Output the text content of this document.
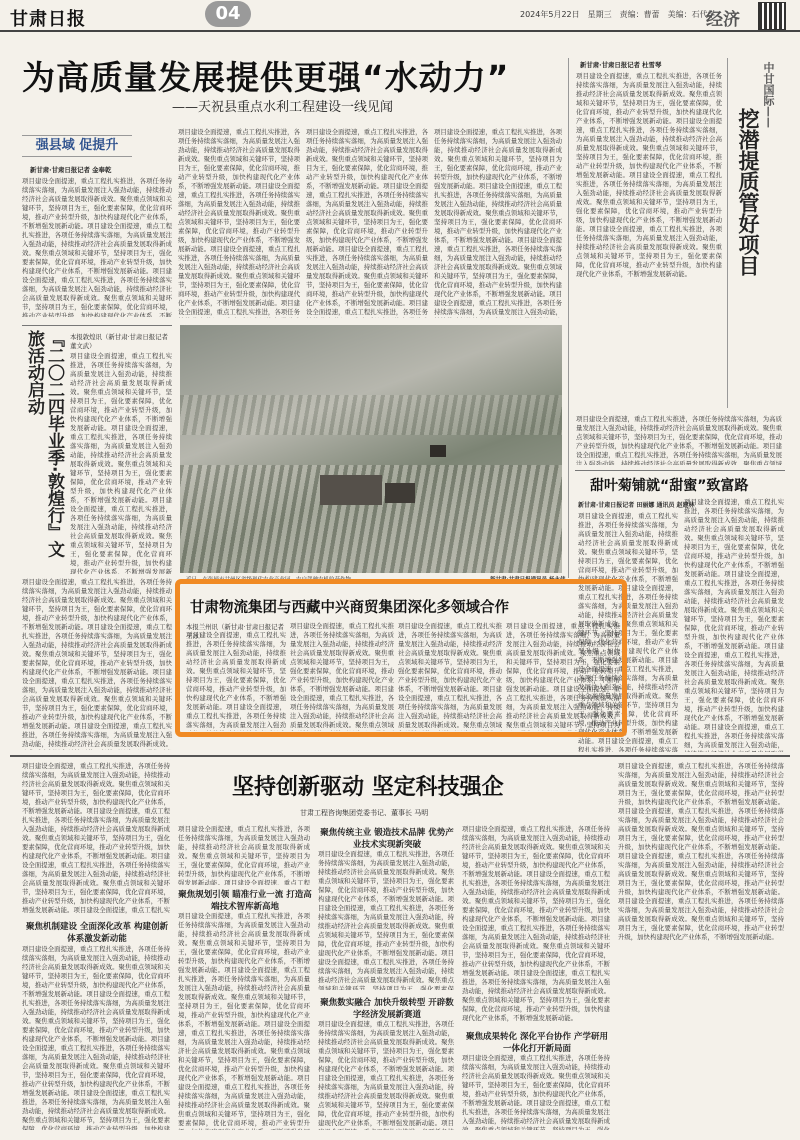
甘肃日报	04	2024年5月22日　星期三　责编：曹蕾　美编：石代学
经济
为高质量发展提供更强“水动力”
——天祝县重点水利工程建设一线见闻
强县域 促提升
新甘肃·甘肃日报记者 金奉乾
项目建设全面提速，重点工程扎实推进，各项任务持续落实落细，为高质量发展注入强劲动能，持续推动经济社会高质量发展取得新成效。聚焦重点领域和关键环节，坚持项目为王，强化要素保障，优化营商环境，推动产业转型升级，加快构建现代化产业体系，不断增强发展新动能。项目建设全面提速，重点工程扎实推进，各项任务持续落实落细，为高质量发展注入强劲动能，持续推动经济社会高质量发展取得新成效。聚焦重点领域和关键环节，坚持项目为王，强化要素保障，优化营商环境，推动产业转型升级，加快构建现代化产业体系，不断增强发展新动能。项目建设全面提速，重点工程扎实推进，各项任务持续落实落细，为高质量发展注入强劲动能，持续推动经济社会高质量发展取得新成效。聚焦重点领域和关键环节，坚持项目为王，强化要素保障，优化营商环境，推动产业转型升级，加快构建现代化产业体系，不断增强发展新动能。项目建设全面提速，重点工程扎实推进，各项任务持续落实落细，为高质量发展注入强劲动能，持续推动经济社会高质量发展取得新成效。聚焦重点领域和关键环节，坚持项目为王，强化要素保障，优化营商环境，推动产业转型升级，加快构建现代化产业体系，不断增强发展新动能。
项目建设全面提速，重点工程扎实推进，各项任务持续落实落细，为高质量发展注入强劲动能，持续推动经济社会高质量发展取得新成效。聚焦重点领域和关键环节，坚持项目为王，强化要素保障，优化营商环境，推动产业转型升级，加快构建现代化产业体系，不断增强发展新动能。项目建设全面提速，重点工程扎实推进，各项任务持续落实落细，为高质量发展注入强劲动能，持续推动经济社会高质量发展取得新成效。聚焦重点领域和关键环节，坚持项目为王，强化要素保障，优化营商环境，推动产业转型升级，加快构建现代化产业体系，不断增强发展新动能。项目建设全面提速，重点工程扎实推进，各项任务持续落实落细，为高质量发展注入强劲动能，持续推动经济社会高质量发展取得新成效。聚焦重点领域和关键环节，坚持项目为王，强化要素保障，优化营商环境，推动产业转型升级，加快构建现代化产业体系，不断增强发展新动能。项目建设全面提速，重点工程扎实推进，各项任务持续落实落细，为高质量发展注入强劲动能，持续推动经济社会高质量发展取得新成效。聚焦重点领域和关键环节，坚持项目为王，强化要素保障，优化营商环境，推动产业转型升级，加快构建现代化产业体系，不断增强发展新动能。
项目建设全面提速，重点工程扎实推进，各项任务持续落实落细，为高质量发展注入强劲动能，持续推动经济社会高质量发展取得新成效。聚焦重点领域和关键环节，坚持项目为王，强化要素保障，优化营商环境，推动产业转型升级，加快构建现代化产业体系，不断增强发展新动能。项目建设全面提速，重点工程扎实推进，各项任务持续落实落细，为高质量发展注入强劲动能，持续推动经济社会高质量发展取得新成效。聚焦重点领域和关键环节，坚持项目为王，强化要素保障，优化营商环境，推动产业转型升级，加快构建现代化产业体系，不断增强发展新动能。项目建设全面提速，重点工程扎实推进，各项任务持续落实落细，为高质量发展注入强劲动能，持续推动经济社会高质量发展取得新成效。聚焦重点领域和关键环节，坚持项目为王，强化要素保障，优化营商环境，推动产业转型升级，加快构建现代化产业体系，不断增强发展新动能。项目建设全面提速，重点工程扎实推进，各项任务持续落实落细，为高质量发展注入强劲动能，持续推动经济社会高质量发展取得新成效。聚焦重点领域和关键环节，坚持项目为王，强化要素保障，优化营商环境，推动产业转型升级，加快构建现代化产业体系，不断增强发展新动能。
项目建设全面提速，重点工程扎实推进，各项任务持续落实落细，为高质量发展注入强劲动能，持续推动经济社会高质量发展取得新成效。聚焦重点领域和关键环节，坚持项目为王，强化要素保障，优化营商环境，推动产业转型升级，加快构建现代化产业体系，不断增强发展新动能。项目建设全面提速，重点工程扎实推进，各项任务持续落实落细，为高质量发展注入强劲动能，持续推动经济社会高质量发展取得新成效。聚焦重点领域和关键环节，坚持项目为王，强化要素保障，优化营商环境，推动产业转型升级，加快构建现代化产业体系，不断增强发展新动能。项目建设全面提速，重点工程扎实推进，各项任务持续落实落细，为高质量发展注入强劲动能，持续推动经济社会高质量发展取得新成效。聚焦重点领域和关键环节，坚持项目为王，强化要素保障，优化营商环境，推动产业转型升级，加快构建现代化产业体系，不断增强发展新动能。项目建设全面提速，重点工程扎实推进，各项任务持续落实落细，为高质量发展注入强劲动能，持续推动经济社会高质量发展取得新成效。聚焦重点领域和关键环节，坚持项目为王，强化要素保障，优化营商环境，推动产业转型升级，加快构建现代化产业体系，不断增强发展新动能。
新甘肃·甘肃日报记者 杜雪琴
项目建设全面提速，重点工程扎实推进，各项任务持续落实落细，为高质量发展注入强劲动能，持续推动经济社会高质量发展取得新成效。聚焦重点领域和关键环节，坚持项目为王，强化要素保障，优化营商环境，推动产业转型升级，加快构建现代化产业体系，不断增强发展新动能。项目建设全面提速，重点工程扎实推进，各项任务持续落实落细，为高质量发展注入强劲动能，持续推动经济社会高质量发展取得新成效。聚焦重点领域和关键环节，坚持项目为王，强化要素保障，优化营商环境，推动产业转型升级，加快构建现代化产业体系，不断增强发展新动能。项目建设全面提速，重点工程扎实推进，各项任务持续落实落细，为高质量发展注入强劲动能，持续推动经济社会高质量发展取得新成效。聚焦重点领域和关键环节，坚持项目为王，强化要素保障，优化营商环境，推动产业转型升级，加快构建现代化产业体系，不断增强发展新动能。项目建设全面提速，重点工程扎实推进，各项任务持续落实落细，为高质量发展注入强劲动能，持续推动经济社会高质量发展取得新成效。聚焦重点领域和关键环节，坚持项目为王，强化要素保障，优化营商环境，推动产业转型升级，加快构建现代化产业体系，不断增强发展新动能。	中甘国际——
挖潜提质管好项目
『二〇二四毕业季·敦煌行』文旅活动启动	本报敦煌讯（新甘肃·甘肃日报记者 董文武）
项目建设全面提速，重点工程扎实推进，各项任务持续落实落细，为高质量发展注入强劲动能，持续推动经济社会高质量发展取得新成效。聚焦重点领域和关键环节，坚持项目为王，强化要素保障，优化营商环境，推动产业转型升级，加快构建现代化产业体系，不断增强发展新动能。项目建设全面提速，重点工程扎实推进，各项任务持续落实落细，为高质量发展注入强劲动能，持续推动经济社会高质量发展取得新成效。聚焦重点领域和关键环节，坚持项目为王，强化要素保障，优化营商环境，推动产业转型升级，加快构建现代化产业体系，不断增强发展新动能。项目建设全面提速，重点工程扎实推进，各项任务持续落实落细，为高质量发展注入强劲动能，持续推动经济社会高质量发展取得新成效。聚焦重点领域和关键环节，坚持项目为王，强化要素保障，优化营商环境，推动产业转型升级，加快构建现代化产业体系，不断增强发展新动能。项目建设全面提速，重点工程扎实推进，各项任务持续落实落细，为高质量发展注入强劲动能，持续推动经济社会高质量发展取得新成效。聚焦重点领域和关键环节，坚持项目为王，强化要素保障，优化营商环境，推动产业转型升级，加快构建现代化产业体系，不断增强发展新动能。
近日，在张掖市甘州区省级现代农业产业园，农户驾驶农机收获作物。	新甘肃·甘肃日报通讯员 杨永伟
项目建设全面提速，重点工程扎实推进，各项任务持续落实落细，为高质量发展注入强劲动能，持续推动经济社会高质量发展取得新成效。聚焦重点领域和关键环节，坚持项目为王，强化要素保障，优化营商环境，推动产业转型升级，加快构建现代化产业体系，不断增强发展新动能。项目建设全面提速，重点工程扎实推进，各项任务持续落实落细，为高质量发展注入强劲动能，持续推动经济社会高质量发展取得新成效。聚焦重点领域和关键环节，坚持项目为王，强化要素保障，优化营商环境，推动产业转型升级，加快构建现代化产业体系，不断增强发展新动能。项目建设全面提速，重点工程扎实推进，各项任务持续落实落细，为高质量发展注入强劲动能，持续推动经济社会高质量发展取得新成效。聚焦重点领域和关键环节，坚持项目为王，强化要素保障，优化营商环境，推动产业转型升级，加快构建现代化产业体系，不断增强发展新动能。项目建设全面提速，重点工程扎实推进，各项任务持续落实落细，为高质量发展注入强劲动能，持续推动经济社会高质量发展取得新成效。聚焦重点领域和关键环节，坚持项目为王，强化要素保障，优化营商环境，推动产业转型升级，加快构建现代化产业体系，不断增强发展新动能。
甜叶菊铺就“甜蜜”致富路
新甘肃·甘肃日报记者 田丽娜 通讯员 赵建林
项目建设全面提速，重点工程扎实推进，各项任务持续落实落细，为高质量发展注入强劲动能，持续推动经济社会高质量发展取得新成效。聚焦重点领域和关键环节，坚持项目为王，强化要素保障，优化营商环境，推动产业转型升级，加快构建现代化产业体系，不断增强发展新动能。项目建设全面提速，重点工程扎实推进，各项任务持续落实落细，为高质量发展注入强劲动能，持续推动经济社会高质量发展取得新成效。聚焦重点领域和关键环节，坚持项目为王，强化要素保障，优化营商环境，推动产业转型升级，加快构建现代化产业体系，不断增强发展新动能。项目建设全面提速，重点工程扎实推进，各项任务持续落实落细，为高质量发展注入强劲动能，持续推动经济社会高质量发展取得新成效。聚焦重点领域和关键环节，坚持项目为王，强化要素保障，优化营商环境，推动产业转型升级，加快构建现代化产业体系，不断增强发展新动能。项目建设全面提速，重点工程扎实推进，各项任务持续落实落细，为高质量发展注入强劲动能，持续推动经济社会高质量发展取得新成效。聚焦重点领域和关键环节，坚持项目为王，强化要素保障，优化营商环境，推动产业转型升级，加快构建现代化产业体系，不断增强发展新动能。
项目建设全面提速，重点工程扎实推进，各项任务持续落实落细，为高质量发展注入强劲动能，持续推动经济社会高质量发展取得新成效。聚焦重点领域和关键环节，坚持项目为王，强化要素保障，优化营商环境，推动产业转型升级，加快构建现代化产业体系，不断增强发展新动能。项目建设全面提速，重点工程扎实推进，各项任务持续落实落细，为高质量发展注入强劲动能，持续推动经济社会高质量发展取得新成效。聚焦重点领域和关键环节，坚持项目为王，强化要素保障，优化营商环境，推动产业转型升级，加快构建现代化产业体系，不断增强发展新动能。项目建设全面提速，重点工程扎实推进，各项任务持续落实落细，为高质量发展注入强劲动能，持续推动经济社会高质量发展取得新成效。聚焦重点领域和关键环节，坚持项目为王，强化要素保障，优化营商环境，推动产业转型升级，加快构建现代化产业体系，不断增强发展新动能。项目建设全面提速，重点工程扎实推进，各项任务持续落实落细，为高质量发展注入强劲动能，持续推动经济社会高质量发展取得新成效。聚焦重点领域和关键环节，坚持项目为王，强化要素保障，优化营商环境，推动产业转型升级，加快构建现代化产业体系，不断增强发展新动能。
甘肃物流集团与西藏中兴商贸集团深化多领域合作
本报兰州讯（新甘肃·甘肃日报记者 王冰）
项目建设全面提速，重点工程扎实推进，各项任务持续落实落细，为高质量发展注入强劲动能，持续推动经济社会高质量发展取得新成效。聚焦重点领域和关键环节，坚持项目为王，强化要素保障，优化营商环境，推动产业转型升级，加快构建现代化产业体系，不断增强发展新动能。项目建设全面提速，重点工程扎实推进，各项任务持续落实落细，为高质量发展注入强劲动能，持续推动经济社会高质量发展取得新成效。聚焦重点领域和关键环节，坚持项目为王，强化要素保障，优化营商环境，推动产业转型升级，加快构建现代化产业体系，不断增强发展新动能。项目建设全面提速，重点工程扎实推进，各项任务持续落实落细，为高质量发展注入强劲动能，持续推动经济社会高质量发展取得新成效。聚焦重点领域和关键环节，坚持项目为王，强化要素保障，优化营商环境，推动产业转型升级，加快构建现代化产业体系，不断增强发展新动能。项目建设全面提速，重点工程扎实推进，各项任务持续落实落细，为高质量发展注入强劲动能，持续推动经济社会高质量发展取得新成效。聚焦重点领域和关键环节，坚持项目为王，强化要素保障，优化营商环境，推动产业转型升级，加快构建现代化产业体系，不断增强发展新动能。
项目建设全面提速，重点工程扎实推进，各项任务持续落实落细，为高质量发展注入强劲动能，持续推动经济社会高质量发展取得新成效。聚焦重点领域和关键环节，坚持项目为王，强化要素保障，优化营商环境，推动产业转型升级，加快构建现代化产业体系，不断增强发展新动能。项目建设全面提速，重点工程扎实推进，各项任务持续落实落细，为高质量发展注入强劲动能，持续推动经济社会高质量发展取得新成效。聚焦重点领域和关键环节，坚持项目为王，强化要素保障，优化营商环境，推动产业转型升级，加快构建现代化产业体系，不断增强发展新动能。项目建设全面提速，重点工程扎实推进，各项任务持续落实落细，为高质量发展注入强劲动能，持续推动经济社会高质量发展取得新成效。聚焦重点领域和关键环节，坚持项目为王，强化要素保障，优化营商环境，推动产业转型升级，加快构建现代化产业体系，不断增强发展新动能。项目建设全面提速，重点工程扎实推进，各项任务持续落实落细，为高质量发展注入强劲动能，持续推动经济社会高质量发展取得新成效。聚焦重点领域和关键环节，坚持项目为王，强化要素保障，优化营商环境，推动产业转型升级，加快构建现代化产业体系，不断增强发展新动能。
项目建设全面提速，重点工程扎实推进，各项任务持续落实落细，为高质量发展注入强劲动能，持续推动经济社会高质量发展取得新成效。聚焦重点领域和关键环节，坚持项目为王，强化要素保障，优化营商环境，推动产业转型升级，加快构建现代化产业体系，不断增强发展新动能。项目建设全面提速，重点工程扎实推进，各项任务持续落实落细，为高质量发展注入强劲动能，持续推动经济社会高质量发展取得新成效。聚焦重点领域和关键环节，坚持项目为王，强化要素保障，优化营商环境，推动产业转型升级，加快构建现代化产业体系，不断增强发展新动能。项目建设全面提速，重点工程扎实推进，各项任务持续落实落细，为高质量发展注入强劲动能，持续推动经济社会高质量发展取得新成效。聚焦重点领域和关键环节，坚持项目为王，强化要素保障，优化营商环境，推动产业转型升级，加快构建现代化产业体系，不断增强发展新动能。项目建设全面提速，重点工程扎实推进，各项任务持续落实落细，为高质量发展注入强劲动能，持续推动经济社会高质量发展取得新成效。聚焦重点领域和关键环节，坚持项目为王，强化要素保障，优化营商环境，推动产业转型升级，加快构建现代化产业体系，不断增强发展新动能。
项目建设全面提速，重点工程扎实推进，各项任务持续落实落细，为高质量发展注入强劲动能，持续推动经济社会高质量发展取得新成效。聚焦重点领域和关键环节，坚持项目为王，强化要素保障，优化营商环境，推动产业转型升级，加快构建现代化产业体系，不断增强发展新动能。项目建设全面提速，重点工程扎实推进，各项任务持续落实落细，为高质量发展注入强劲动能，持续推动经济社会高质量发展取得新成效。聚焦重点领域和关键环节，坚持项目为王，强化要素保障，优化营商环境，推动产业转型升级，加快构建现代化产业体系，不断增强发展新动能。项目建设全面提速，重点工程扎实推进，各项任务持续落实落细，为高质量发展注入强劲动能，持续推动经济社会高质量发展取得新成效。聚焦重点领域和关键环节，坚持项目为王，强化要素保障，优化营商环境，推动产业转型升级，加快构建现代化产业体系，不断增强发展新动能。项目建设全面提速，重点工程扎实推进，各项任务持续落实落细，为高质量发展注入强劲动能，持续推动经济社会高质量发展取得新成效。聚焦重点领域和关键环节，坚持项目为王，强化要素保障，优化营商环境，推动产业转型升级，加快构建现代化产业体系，不断增强发展新动能。
项目建设全面提速，重点工程扎实推进，各项任务持续落实落细，为高质量发展注入强劲动能，持续推动经济社会高质量发展取得新成效。聚焦重点领域和关键环节，坚持项目为王，强化要素保障，优化营商环境，推动产业转型升级，加快构建现代化产业体系，不断增强发展新动能。项目建设全面提速，重点工程扎实推进，各项任务持续落实落细，为高质量发展注入强劲动能，持续推动经济社会高质量发展取得新成效。聚焦重点领域和关键环节，坚持项目为王，强化要素保障，优化营商环境，推动产业转型升级，加快构建现代化产业体系，不断增强发展新动能。项目建设全面提速，重点工程扎实推进，各项任务持续落实落细，为高质量发展注入强劲动能，持续推动经济社会高质量发展取得新成效。聚焦重点领域和关键环节，坚持项目为王，强化要素保障，优化营商环境，推动产业转型升级，加快构建现代化产业体系，不断增强发展新动能。项目建设全面提速，重点工程扎实推进，各项任务持续落实落细，为高质量发展注入强劲动能，持续推动经济社会高质量发展取得新成效。聚焦重点领域和关键环节，坚持项目为王，强化要素保障，优化营商环境，推动产业转型升级，加快构建现代化产业体系，不断增强发展新动能。
坚持创新驱动 坚定科技强企
甘肃工程咨询集团党委书记、董事长 马明
项目建设全面提速，重点工程扎实推进，各项任务持续落实落细，为高质量发展注入强劲动能，持续推动经济社会高质量发展取得新成效。聚焦重点领域和关键环节，坚持项目为王，强化要素保障，优化营商环境，推动产业转型升级，加快构建现代化产业体系，不断增强发展新动能。项目建设全面提速，重点工程扎实推进，各项任务持续落实落细，为高质量发展注入强劲动能，持续推动经济社会高质量发展取得新成效。聚焦重点领域和关键环节，坚持项目为王，强化要素保障，优化营商环境，推动产业转型升级，加快构建现代化产业体系，不断增强发展新动能。项目建设全面提速，重点工程扎实推进，各项任务持续落实落细，为高质量发展注入强劲动能，持续推动经济社会高质量发展取得新成效。聚焦重点领域和关键环节，坚持项目为王，强化要素保障，优化营商环境，推动产业转型升级，加快构建现代化产业体系，不断增强发展新动能。项目建设全面提速，重点工程扎实推进，各项任务持续落实落细，为高质量发展注入强劲动能，持续推动经济社会高质量发展取得新成效。聚焦重点领域和关键环节，坚持项目为王，强化要素保障，优化营商环境，推动产业转型升级，加快构建现代化产业体系，不断增强发展新动能。
聚焦机制建设 全面深化改革 构建创新体系激发新动能
项目建设全面提速，重点工程扎实推进，各项任务持续落实落细，为高质量发展注入强劲动能，持续推动经济社会高质量发展取得新成效。聚焦重点领域和关键环节，坚持项目为王，强化要素保障，优化营商环境，推动产业转型升级，加快构建现代化产业体系，不断增强发展新动能。项目建设全面提速，重点工程扎实推进，各项任务持续落实落细，为高质量发展注入强劲动能，持续推动经济社会高质量发展取得新成效。聚焦重点领域和关键环节，坚持项目为王，强化要素保障，优化营商环境，推动产业转型升级，加快构建现代化产业体系，不断增强发展新动能。项目建设全面提速，重点工程扎实推进，各项任务持续落实落细，为高质量发展注入强劲动能，持续推动经济社会高质量发展取得新成效。聚焦重点领域和关键环节，坚持项目为王，强化要素保障，优化营商环境，推动产业转型升级，加快构建现代化产业体系，不断增强发展新动能。项目建设全面提速，重点工程扎实推进，各项任务持续落实落细，为高质量发展注入强劲动能，持续推动经济社会高质量发展取得新成效。聚焦重点领域和关键环节，坚持项目为王，强化要素保障，优化营商环境，推动产业转型升级，加快构建现代化产业体系，不断增强发展新动能。
项目建设全面提速，重点工程扎实推进，各项任务持续落实落细，为高质量发展注入强劲动能，持续推动经济社会高质量发展取得新成效。聚焦重点领域和关键环节，坚持项目为王，强化要素保障，优化营商环境，推动产业转型升级，加快构建现代化产业体系，不断增强发展新动能。项目建设全面提速，重点工程扎实推进，各项任务持续落实落细，为高质量发展注入强劲动能，持续推动经济社会高质量发展取得新成效。聚焦重点领域和关键环节，坚持项目为王，强化要素保障，优化营商环境，推动产业转型升级，加快构建现代化产业体系，不断增强发展新动能。项目建设全面提速，重点工程扎实推进，各项任务持续落实落细，为高质量发展注入强劲动能，持续推动经济社会高质量发展取得新成效。聚焦重点领域和关键环节，坚持项目为王，强化要素保障，优化营商环境，推动产业转型升级，加快构建现代化产业体系，不断增强发展新动能。项目建设全面提速，重点工程扎实推进，各项任务持续落实落细，为高质量发展注入强劲动能，持续推动经济社会高质量发展取得新成效。聚焦重点领域和关键环节，坚持项目为王，强化要素保障，优化营商环境，推动产业转型升级，加快构建现代化产业体系，不断增强发展新动能。
聚焦规划引领 瞄准行业一流 打造高端技术智库新高地
项目建设全面提速，重点工程扎实推进，各项任务持续落实落细，为高质量发展注入强劲动能，持续推动经济社会高质量发展取得新成效。聚焦重点领域和关键环节，坚持项目为王，强化要素保障，优化营商环境，推动产业转型升级，加快构建现代化产业体系，不断增强发展新动能。项目建设全面提速，重点工程扎实推进，各项任务持续落实落细，为高质量发展注入强劲动能，持续推动经济社会高质量发展取得新成效。聚焦重点领域和关键环节，坚持项目为王，强化要素保障，优化营商环境，推动产业转型升级，加快构建现代化产业体系，不断增强发展新动能。项目建设全面提速，重点工程扎实推进，各项任务持续落实落细，为高质量发展注入强劲动能，持续推动经济社会高质量发展取得新成效。聚焦重点领域和关键环节，坚持项目为王，强化要素保障，优化营商环境，推动产业转型升级，加快构建现代化产业体系，不断增强发展新动能。项目建设全面提速，重点工程扎实推进，各项任务持续落实落细，为高质量发展注入强劲动能，持续推动经济社会高质量发展取得新成效。聚焦重点领域和关键环节，坚持项目为王，强化要素保障，优化营商环境，推动产业转型升级，加快构建现代化产业体系，不断增强发展新动能。
聚焦传统主业 锻造技术品牌 优势产业技术实现新突破
项目建设全面提速，重点工程扎实推进，各项任务持续落实落细，为高质量发展注入强劲动能，持续推动经济社会高质量发展取得新成效。聚焦重点领域和关键环节，坚持项目为王，强化要素保障，优化营商环境，推动产业转型升级，加快构建现代化产业体系，不断增强发展新动能。项目建设全面提速，重点工程扎实推进，各项任务持续落实落细，为高质量发展注入强劲动能，持续推动经济社会高质量发展取得新成效。聚焦重点领域和关键环节，坚持项目为王，强化要素保障，优化营商环境，推动产业转型升级，加快构建现代化产业体系，不断增强发展新动能。项目建设全面提速，重点工程扎实推进，各项任务持续落实落细，为高质量发展注入强劲动能，持续推动经济社会高质量发展取得新成效。聚焦重点领域和关键环节，坚持项目为王，强化要素保障，优化营商环境，推动产业转型升级，加快构建现代化产业体系，不断增强发展新动能。项目建设全面提速，重点工程扎实推进，各项任务持续落实落细，为高质量发展注入强劲动能，持续推动经济社会高质量发展取得新成效。聚焦重点领域和关键环节，坚持项目为王，强化要素保障，优化营商环境，推动产业转型升级，加快构建现代化产业体系，不断增强发展新动能。
聚焦数实融合 加快升级转型 开辟数字经济发展新赛道
项目建设全面提速，重点工程扎实推进，各项任务持续落实落细，为高质量发展注入强劲动能，持续推动经济社会高质量发展取得新成效。聚焦重点领域和关键环节，坚持项目为王，强化要素保障，优化营商环境，推动产业转型升级，加快构建现代化产业体系，不断增强发展新动能。项目建设全面提速，重点工程扎实推进，各项任务持续落实落细，为高质量发展注入强劲动能，持续推动经济社会高质量发展取得新成效。聚焦重点领域和关键环节，坚持项目为王，强化要素保障，优化营商环境，推动产业转型升级，加快构建现代化产业体系，不断增强发展新动能。项目建设全面提速，重点工程扎实推进，各项任务持续落实落细，为高质量发展注入强劲动能，持续推动经济社会高质量发展取得新成效。聚焦重点领域和关键环节，坚持项目为王，强化要素保障，优化营商环境，推动产业转型升级，加快构建现代化产业体系，不断增强发展新动能。项目建设全面提速，重点工程扎实推进，各项任务持续落实落细，为高质量发展注入强劲动能，持续推动经济社会高质量发展取得新成效。聚焦重点领域和关键环节，坚持项目为王，强化要素保障，优化营商环境，推动产业转型升级，加快构建现代化产业体系，不断增强发展新动能。
项目建设全面提速，重点工程扎实推进，各项任务持续落实落细，为高质量发展注入强劲动能，持续推动经济社会高质量发展取得新成效。聚焦重点领域和关键环节，坚持项目为王，强化要素保障，优化营商环境，推动产业转型升级，加快构建现代化产业体系，不断增强发展新动能。项目建设全面提速，重点工程扎实推进，各项任务持续落实落细，为高质量发展注入强劲动能，持续推动经济社会高质量发展取得新成效。聚焦重点领域和关键环节，坚持项目为王，强化要素保障，优化营商环境，推动产业转型升级，加快构建现代化产业体系，不断增强发展新动能。项目建设全面提速，重点工程扎实推进，各项任务持续落实落细，为高质量发展注入强劲动能，持续推动经济社会高质量发展取得新成效。聚焦重点领域和关键环节，坚持项目为王，强化要素保障，优化营商环境，推动产业转型升级，加快构建现代化产业体系，不断增强发展新动能。项目建设全面提速，重点工程扎实推进，各项任务持续落实落细，为高质量发展注入强劲动能，持续推动经济社会高质量发展取得新成效。聚焦重点领域和关键环节，坚持项目为王，强化要素保障，优化营商环境，推动产业转型升级，加快构建现代化产业体系，不断增强发展新动能。
聚焦成果转化 深化平台协作 产学研用一体化打开新局面
项目建设全面提速，重点工程扎实推进，各项任务持续落实落细，为高质量发展注入强劲动能，持续推动经济社会高质量发展取得新成效。聚焦重点领域和关键环节，坚持项目为王，强化要素保障，优化营商环境，推动产业转型升级，加快构建现代化产业体系，不断增强发展新动能。项目建设全面提速，重点工程扎实推进，各项任务持续落实落细，为高质量发展注入强劲动能，持续推动经济社会高质量发展取得新成效。聚焦重点领域和关键环节，坚持项目为王，强化要素保障，优化营商环境，推动产业转型升级，加快构建现代化产业体系，不断增强发展新动能。项目建设全面提速，重点工程扎实推进，各项任务持续落实落细，为高质量发展注入强劲动能，持续推动经济社会高质量发展取得新成效。聚焦重点领域和关键环节，坚持项目为王，强化要素保障，优化营商环境，推动产业转型升级，加快构建现代化产业体系，不断增强发展新动能。项目建设全面提速，重点工程扎实推进，各项任务持续落实落细，为高质量发展注入强劲动能，持续推动经济社会高质量发展取得新成效。聚焦重点领域和关键环节，坚持项目为王，强化要素保障，优化营商环境，推动产业转型升级，加快构建现代化产业体系，不断增强发展新动能。
项目建设全面提速，重点工程扎实推进，各项任务持续落实落细，为高质量发展注入强劲动能，持续推动经济社会高质量发展取得新成效。聚焦重点领域和关键环节，坚持项目为王，强化要素保障，优化营商环境，推动产业转型升级，加快构建现代化产业体系，不断增强发展新动能。项目建设全面提速，重点工程扎实推进，各项任务持续落实落细，为高质量发展注入强劲动能，持续推动经济社会高质量发展取得新成效。聚焦重点领域和关键环节，坚持项目为王，强化要素保障，优化营商环境，推动产业转型升级，加快构建现代化产业体系，不断增强发展新动能。项目建设全面提速，重点工程扎实推进，各项任务持续落实落细，为高质量发展注入强劲动能，持续推动经济社会高质量发展取得新成效。聚焦重点领域和关键环节，坚持项目为王，强化要素保障，优化营商环境，推动产业转型升级，加快构建现代化产业体系，不断增强发展新动能。项目建设全面提速，重点工程扎实推进，各项任务持续落实落细，为高质量发展注入强劲动能，持续推动经济社会高质量发展取得新成效。聚焦重点领域和关键环节，坚持项目为王，强化要素保障，优化营商环境，推动产业转型升级，加快构建现代化产业体系，不断增强发展新动能。
